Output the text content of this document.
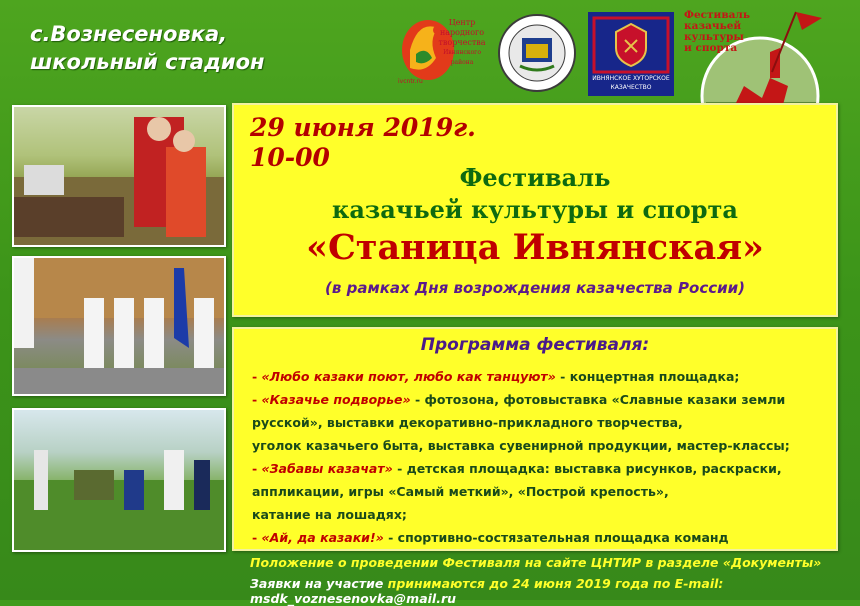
с.Вознесеновка,
школьный стадион
Центр
народного
творчества
Ивнянского района
ivcntr.ru	ИВНЯНСКОЕ ХУТОРСКОЕ
КАЗАЧЕСТВО
Фестиваль
казачьей
культуры
и спорта
29 июня 2019г.
10-00
Фестиваль
казачьей культуры и спорта
«Станица Ивнянская»
(в рамках Дня возрождения казачества России)
Программа фестиваля:
- «Любо казаки поют, любо как танцуют» - концертная площадка;
- «Казачье подворье» - фотозона, фотовыставка «Славные казаки земли
русской», выставки декоративно-прикладного творчества,
уголок казачьего быта, выставка сувенирной продукции, мастер-классы;
- «Забавы казачат» - детская площадка: выставка рисунков, раскраски,
аппликации, игры «Самый меткий», «Построй крепость»,
катание на лошадях;
- «Ай, да казаки!» - спортивно-состязательная площадка команд
Положение о проведении Фестиваля на сайте ЦНТИР в разделе «Документы»
Заявки на участие принимаются до 24 июня 2019 года по E-mail: msdk_voznesenovka@mail.ru
